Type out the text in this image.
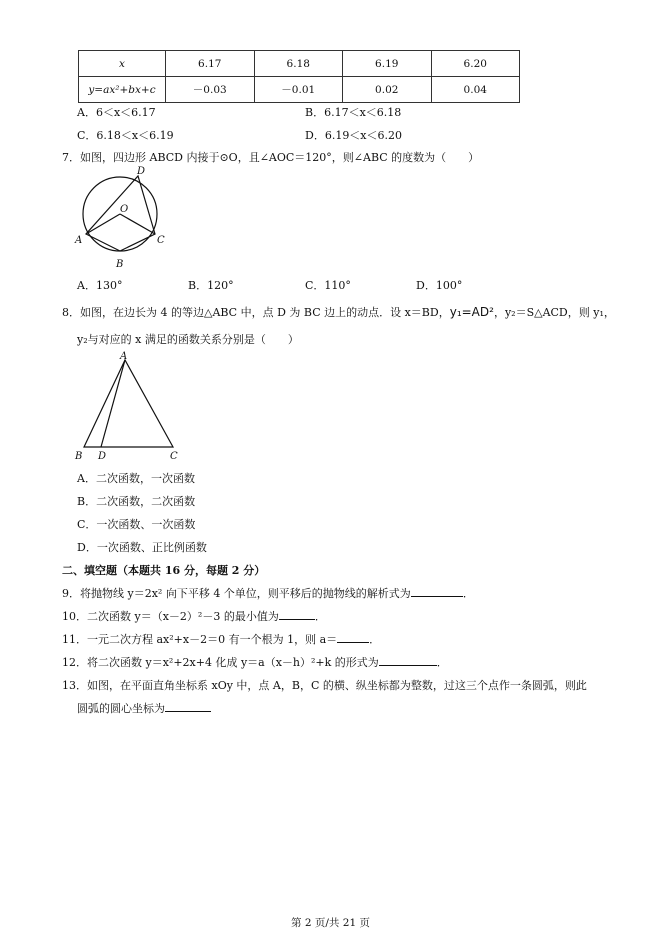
x	6.17	6.18	6.19	6.20
y=ax²+bx+c	－0.03	－0.01	0.02	0.04
A．6＜x＜6.17	B．6.17＜x＜6.18
C．6.18＜x＜6.19	D．6.19＜x＜6.20
7．如图，四边形 ABCD 内接于⊙O，且∠AOC＝120°，则∠ABC 的度数为（　　）
A
B
C
D
O
A．130°	B．120°	C．110°	D．100°
8．如图，在边长为 4 的等边△ABC 中，点 D 为 BC 边上的动点．设 x＝BD，y₁=AD²，y₂＝S△ACD，则 y₁，
y₂与对应的 x 满足的函数关系分别是（　　）
A
B D	C
A．二次函数，一次函数
B．二次函数，二次函数
C．一次函数、一次函数
D．一次函数、正比例函数
二、填空题（本题共 16 分，每题 2 分）
9．将抛物线 y＝2x² 向下平移 4 个单位，则平移后的抛物线的解析式为	．
10．二次函数 y＝（x－2）²－3 的最小值为	．
11．一元二次方程 ax²+x－2＝0 有一个根为 1，则 a＝	．
12．将二次函数 y＝x²+2x+4 化成 y＝a（x－h）²+k 的形式为	．
13．如图，在平面直角坐标系 xOy 中，点 A，B，C 的横、纵坐标都为整数，过这三个点作一条圆弧，则此
圆弧的圆心坐标为
第 2 页/共 21 页
